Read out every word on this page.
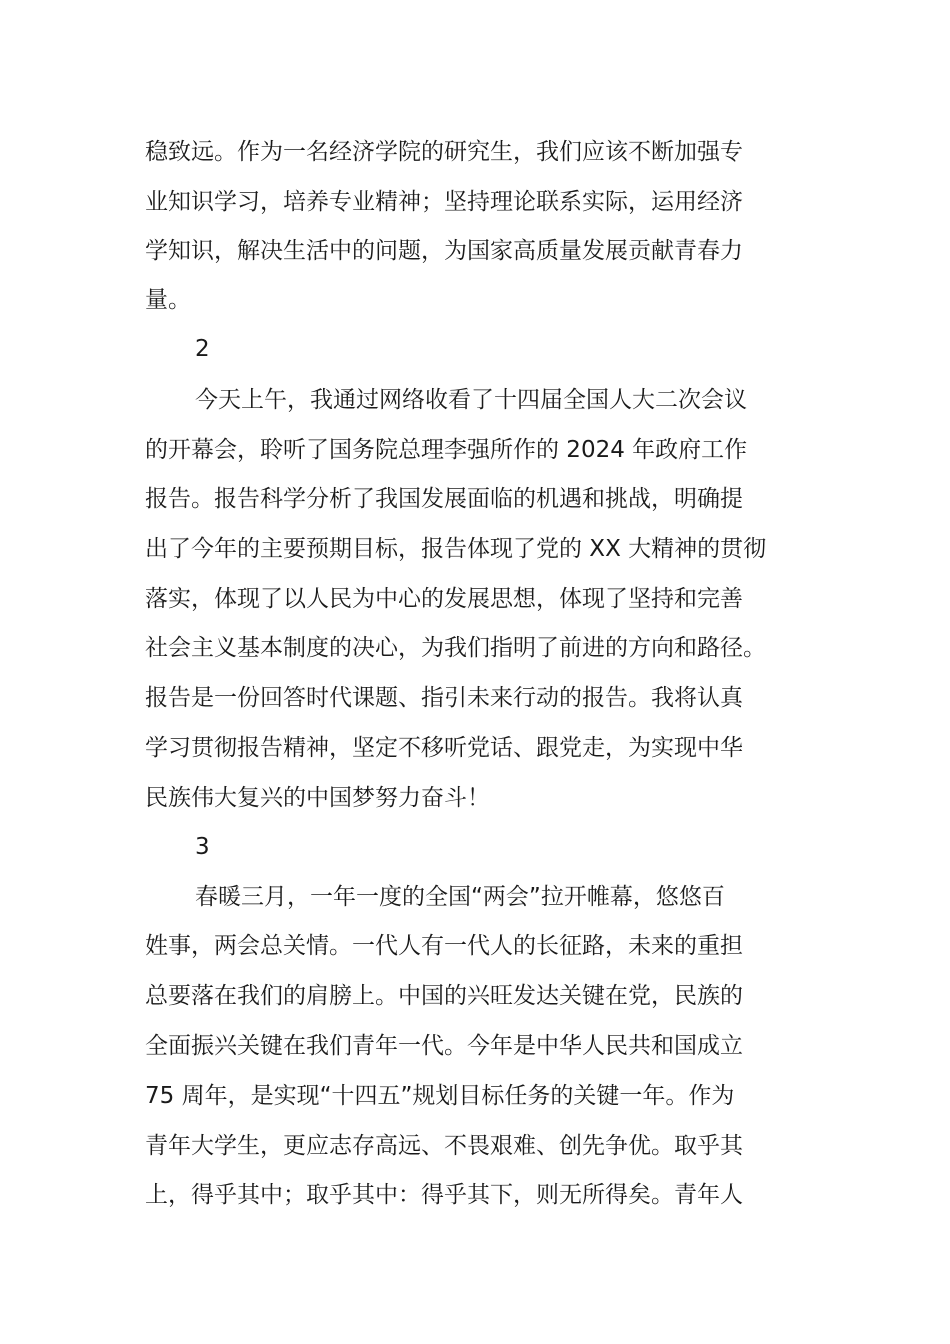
稳致远。作为一名经济学院的研究生，我们应该不断加强专
业知识学习，培养专业精神；坚持理论联系实际，运用经济
学知识，解决生活中的问题，为国家高质量发展贡献青春力
量。
2
今天上午，我通过网络收看了十四届全国人大二次会议
的开幕会，聆听了国务院总理李强所作的 2024 年政府工作
报告。报告科学分析了我国发展面临的机遇和挑战，明确提
出了今年的主要预期目标，报告体现了党的 XX 大精神的贯彻
落实，体现了以人民为中心的发展思想，体现了坚持和完善
社会主义基本制度的决心，为我们指明了前进的方向和路径。
报告是一份回答时代课题、指引未来行动的报告。我将认真
学习贯彻报告精神，坚定不移听党话、跟党走，为实现中华
民族伟大复兴的中国梦努力奋斗！
3
春暖三月，一年一度的全国“两会”拉开帷幕，悠悠百
姓事，两会总关情。一代人有一代人的长征路，未来的重担
总要落在我们的肩膀上。中国的兴旺发达关键在党，民族的
全面振兴关键在我们青年一代。今年是中华人民共和国成立
75 周年，是实现“十四五”规划目标任务的关键一年。作为
青年大学生，更应志存高远、不畏艰难、创先争优。取乎其
上，得乎其中；取乎其中：得乎其下，则无所得矣。青年人
